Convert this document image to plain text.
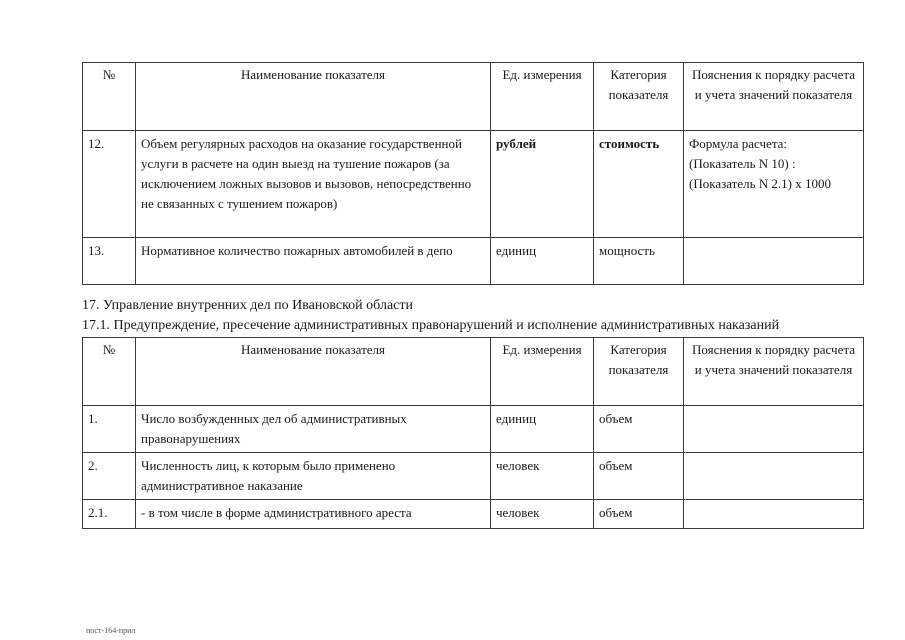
№	Наименование показателя	Ед. измерения	Категория показателя	Пояснения к порядку расчета и учета значений показателя
12.	Объем регулярных расходов на оказание государственной услуги в расчете на один выезд на тушение пожаров (за исключением ложных вызовов и вызовов, непосредственно не связанных с тушением пожаров)	рублей	стоимость	Формула расчета:
(Показатель N 10) :
(Показатель N 2.1) х 1000

13.	Нормативное количество пожарных автомобилей в депо	единиц	мощность	
17. Управление внутренних дел по Ивановской области
17.1. Предупреждение, пресечение административных правонарушений и исполнение административных наказаний
№	Наименование показателя	Ед. измерения	Категория показателя	Пояснения к порядку расчета и учета значений показателя
1.	Число возбужденных дел об административных правонарушениях	единиц	объем	
2.	Численность лиц, к которым было применено административное наказание	человек	объем	
2.1.	- в том числе в форме административного ареста	человек	объем	
пост-164-прил
